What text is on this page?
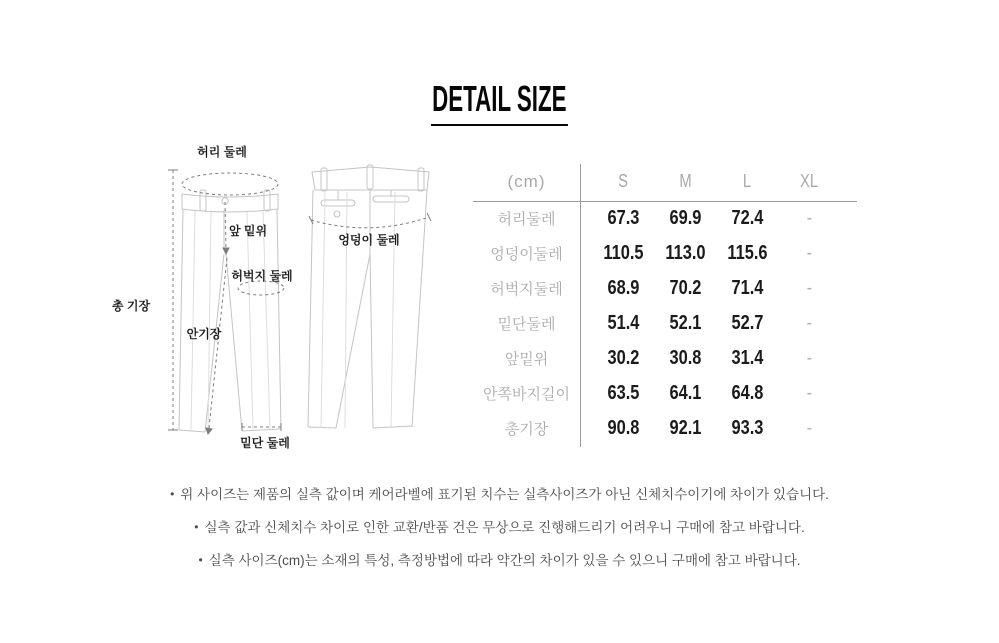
DETAIL SIZE
허리 둘레
앞 밑위
허벅지 둘레
총 기장
안기장
밑단 둘레
엉덩이 둘레
(cm)	S	M	L	XL
허리둘레	67.3	69.9	72.4	-
엉덩이둘레	110.5	113.0	115.6	-
허벅지둘레	68.9	70.2	71.4	-
밑단둘레	51.4	52.1	52.7	-
앞밑위	30.2	30.8	31.4	-
안쪽바지길이	63.5	64.1	64.8	-
총기장	90.8	92.1	93.3	-
• 위 사이즈는 제품의 실측 값이며 케어라벨에 표기된 치수는 실측사이즈가 아닌 신체치수이기에 차이가 있습니다.
• 실측 값과 신체치수 차이로 인한 교환/반품 건은 무상으로 진행해드리기 어려우니 구매에 참고 바랍니다.
• 실측 사이즈(cm)는 소재의 특성, 측정방법에 따라 약간의 차이가 있을 수 있으니 구매에 참고 바랍니다.
